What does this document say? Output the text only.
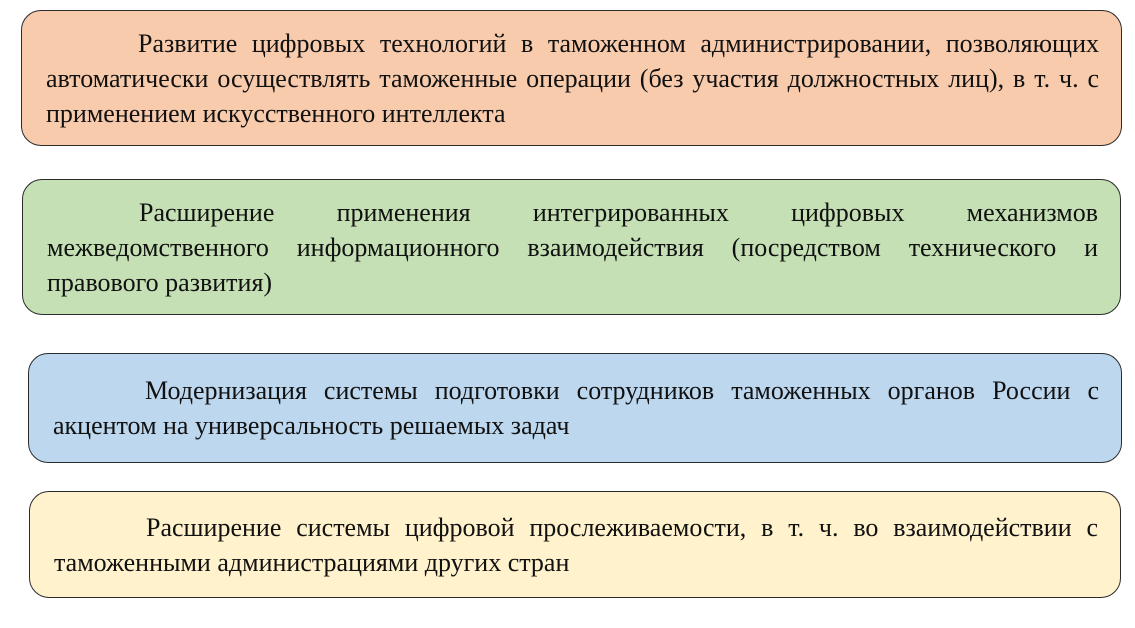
Развитие цифровых технологий в таможенном администрировании, позволяющих автоматически осуществлять таможенные операции (без участия должностных лиц), в т. ч. с применением искусственного интеллекта

Расширение применения интегрированных цифровых механизмов межведомственного информационного взаимодействия (посредством технического и правового развития)

Модернизация системы подготовки сотрудников таможенных органов России с акцентом на универсальность решаемых задач

Расширение системы цифровой прослеживаемости, в т. ч. во взаимодействии с таможенными администрациями других стран
